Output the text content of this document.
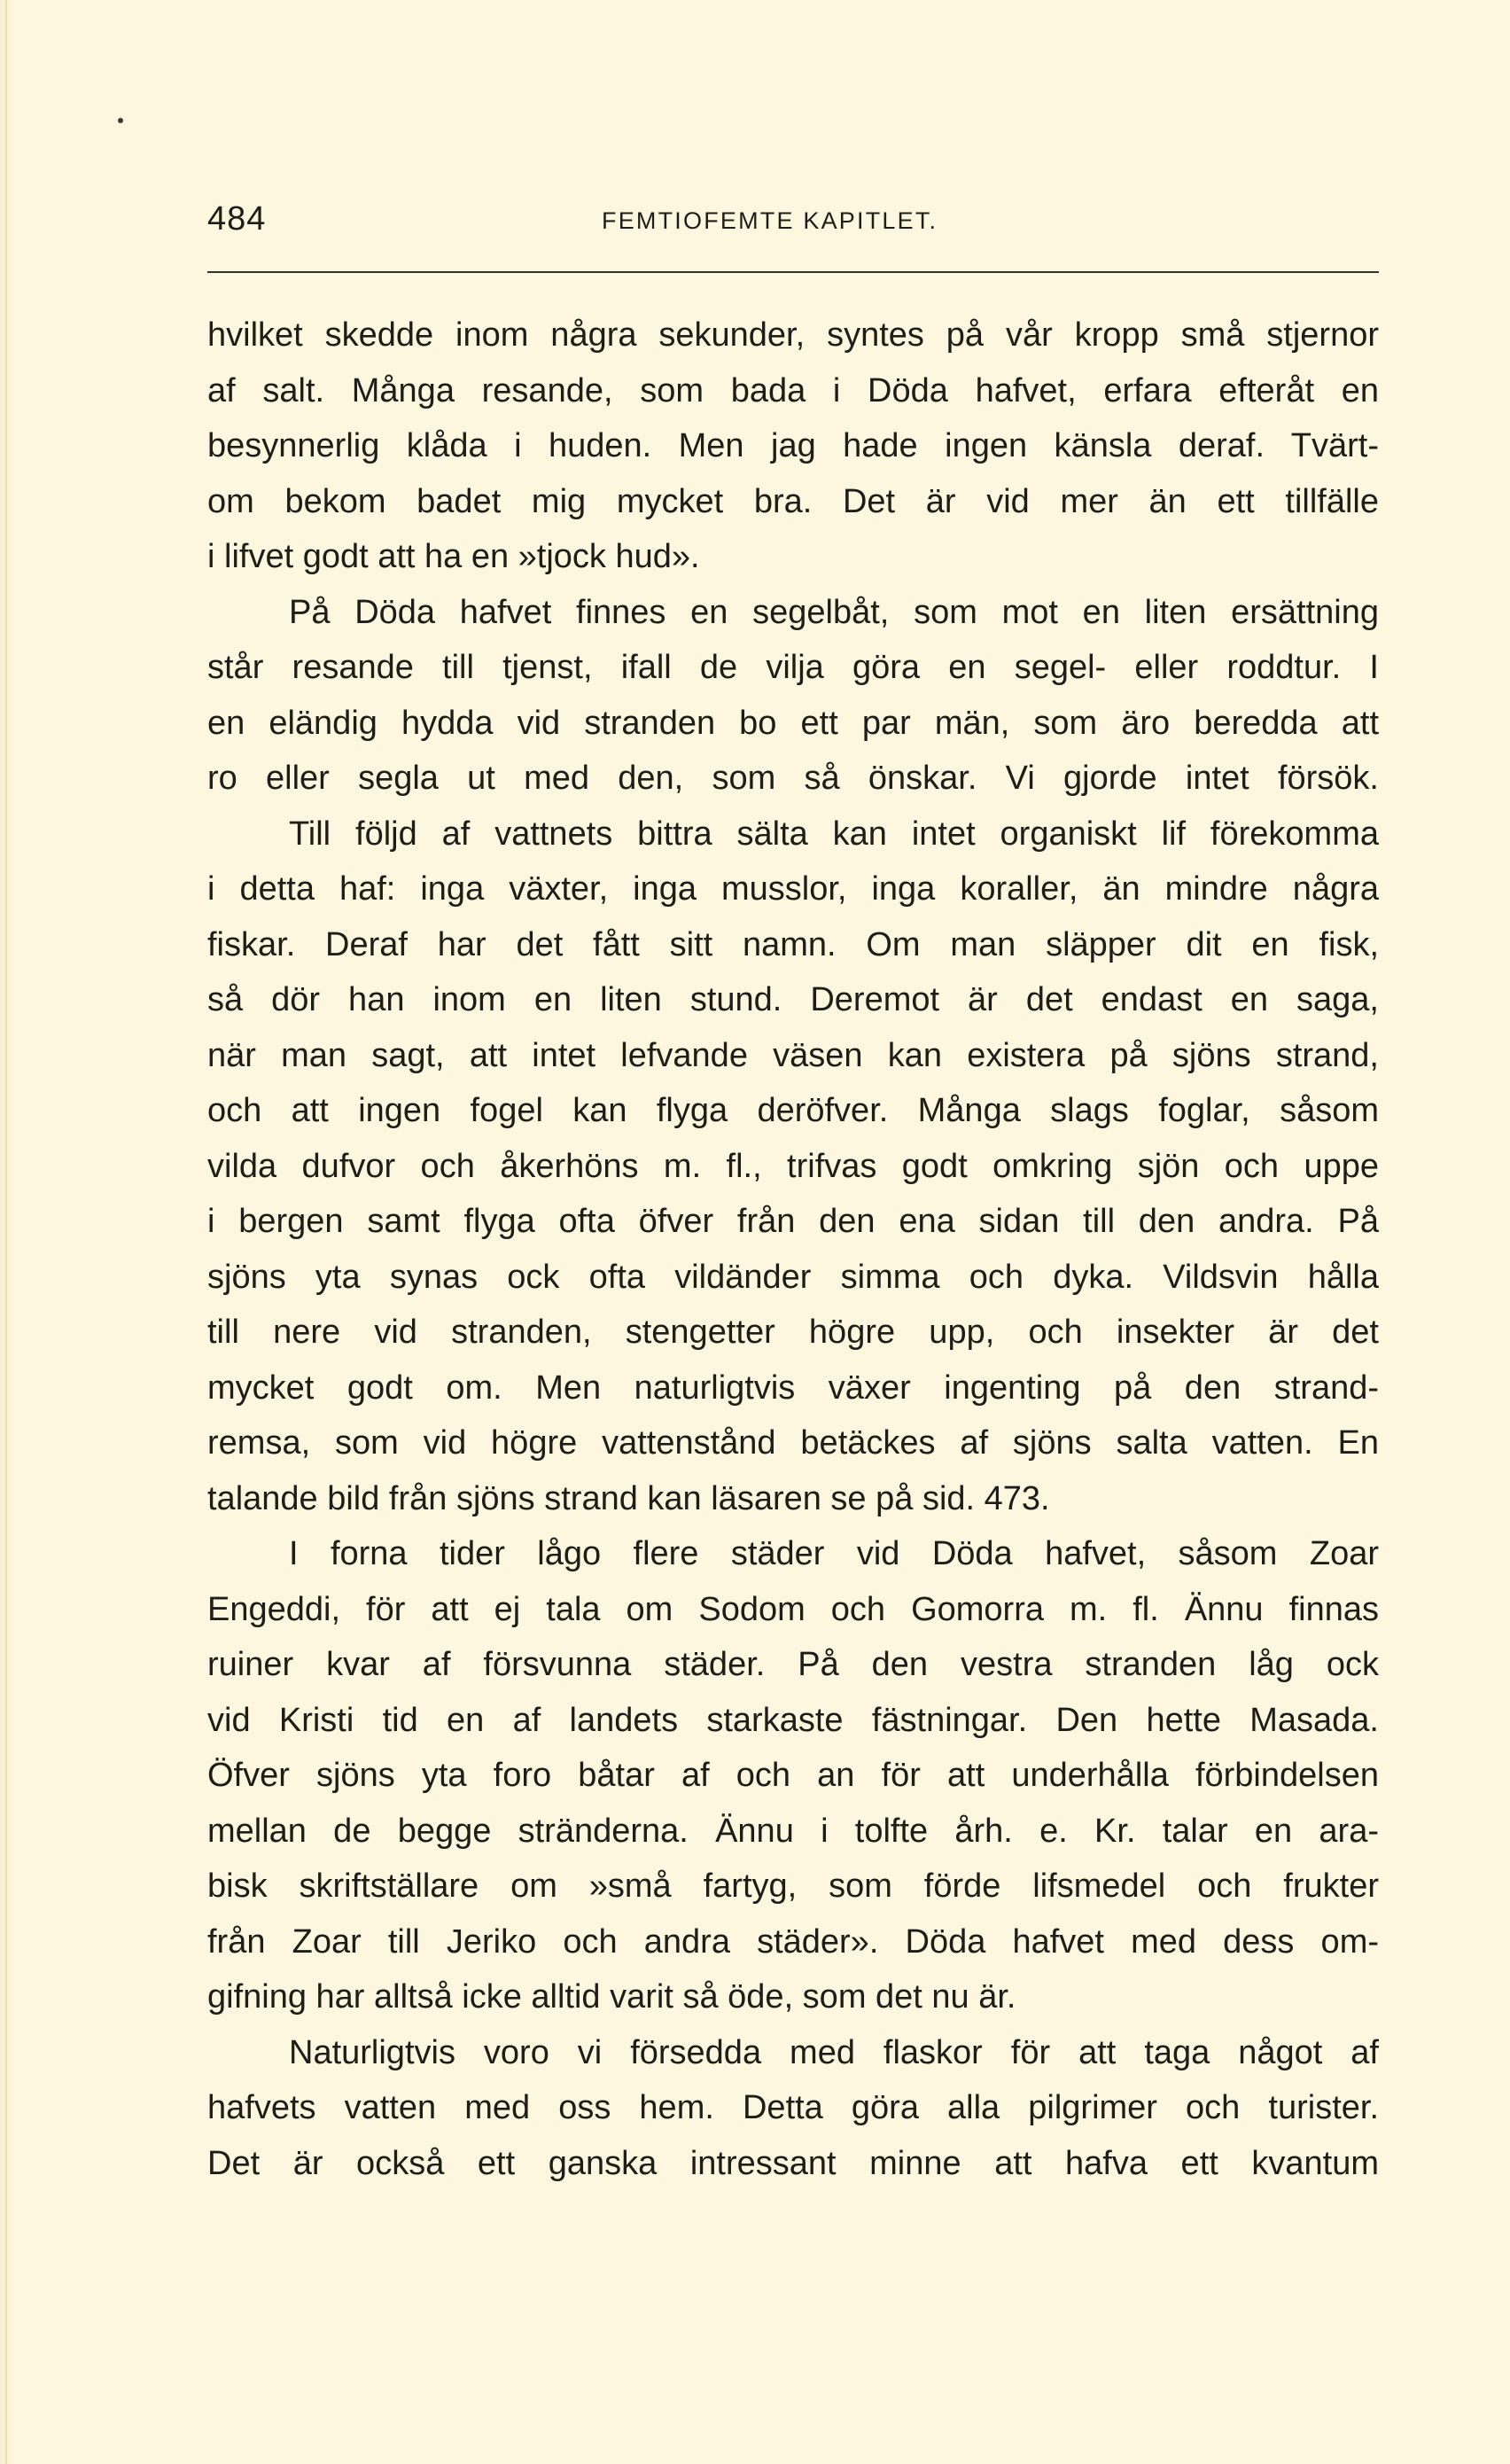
484	FEMTIOFEMTE KAPITLET.
hvilket skedde inom några sekunder, syntes på vår kropp små stjernor
af salt. Många resande, som bada i Döda hafvet, erfara efteråt en
besynnerlig klåda i huden. Men jag hade ingen känsla deraf. Tvärt-
om bekom badet mig mycket bra. Det är vid mer än ett tillfälle
i lifvet godt att ha en »tjock hud».
På Döda hafvet finnes en segelbåt, som mot en liten ersättning
står resande till tjenst, ifall de vilja göra en segel- eller roddtur. I
en eländig hydda vid stranden bo ett par män, som äro beredda att
ro eller segla ut med den, som så önskar. Vi gjorde intet försök.
Till följd af vattnets bittra sälta kan intet organiskt lif förekomma
i detta haf: inga växter, inga musslor, inga koraller, än mindre några
fiskar. Deraf har det fått sitt namn. Om man släpper dit en fisk,
så dör han inom en liten stund. Deremot är det endast en saga,
när man sagt, att intet lefvande väsen kan existera på sjöns strand,
och att ingen fogel kan flyga deröfver. Många slags foglar, såsom
vilda dufvor och åkerhöns m. fl., trifvas godt omkring sjön och uppe
i bergen samt flyga ofta öfver från den ena sidan till den andra. På
sjöns yta synas ock ofta vildänder simma och dyka. Vildsvin hålla
till nere vid stranden, stengetter högre upp, och insekter är det
mycket godt om. Men naturligtvis växer ingenting på den strand-
remsa, som vid högre vattenstånd betäckes af sjöns salta vatten. En
talande bild från sjöns strand kan läsaren se på sid. 473.
I forna tider lågo flere städer vid Döda hafvet, såsom Zoar
Engeddi, för att ej tala om Sodom och Gomorra m. fl. Ännu finnas
ruiner kvar af försvunna städer. På den vestra stranden låg ock
vid Kristi tid en af landets starkaste fästningar. Den hette Masada.
Öfver sjöns yta foro båtar af och an för att underhålla förbindelsen
mellan de begge stränderna. Ännu i tolfte årh. e. Kr. talar en ara-
bisk skriftställare om »små fartyg, som förde lifsmedel och frukter
från Zoar till Jeriko och andra städer». Döda hafvet med dess om-
gifning har alltså icke alltid varit så öde, som det nu är.
Naturligtvis voro vi försedda med flaskor för att taga något af
hafvets vatten med oss hem. Detta göra alla pilgrimer och turister.
Det är också ett ganska intressant minne att hafva ett kvantum
